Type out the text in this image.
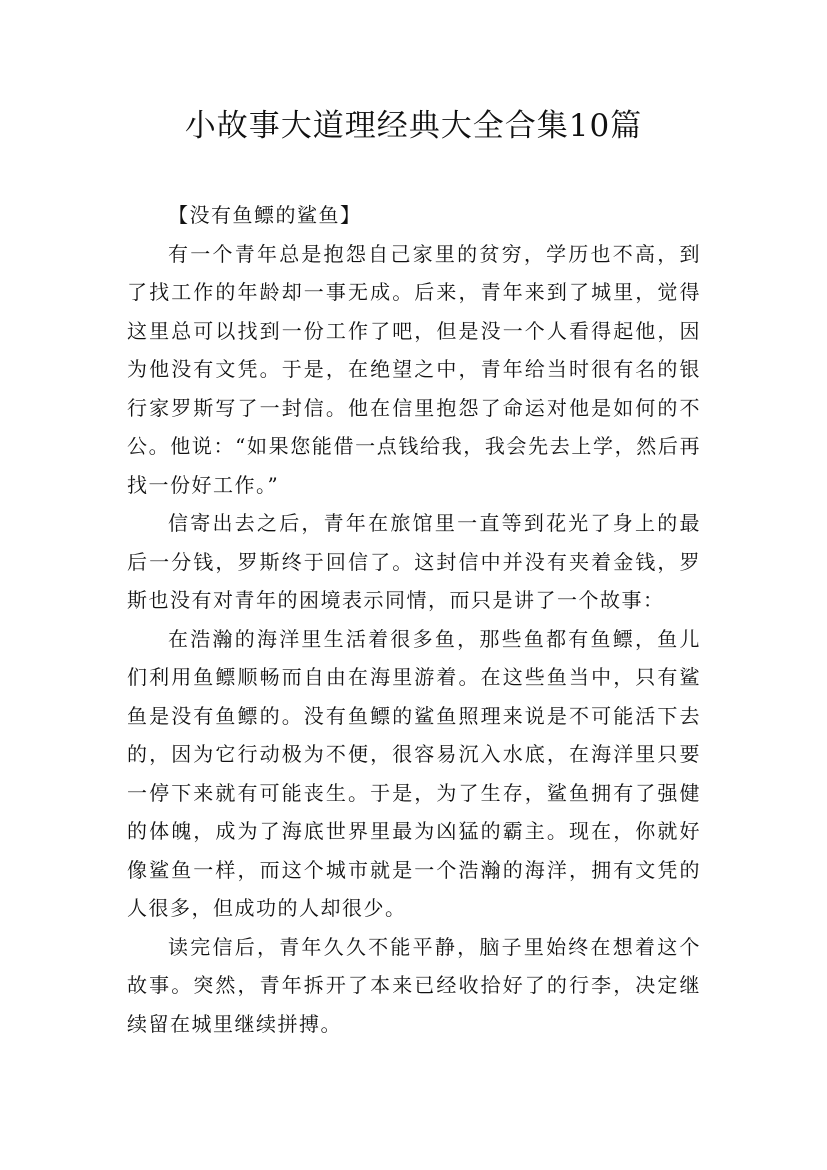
小故事大道理经典大全合集10篇
【没有鱼鳔的鲨鱼】

有一个青年总是抱怨自己家里的贫穷，学历也不高，到了找工作的年龄却一事无成。后来，青年来到了城里，觉得这里总可以找到一份工作了吧，但是没一个人看得起他，因为他没有文凭。于是，在绝望之中，青年给当时很有名的银行家罗斯写了一封信。他在信里抱怨了命运对他是如何的不公。他说：“如果您能借一点钱给我，我会先去上学，然后再找一份好工作。”

信寄出去之后，青年在旅馆里一直等到花光了身上的最后一分钱，罗斯终于回信了。这封信中并没有夹着金钱，罗斯也没有对青年的困境表示同情，而只是讲了一个故事：

在浩瀚的海洋里生活着很多鱼，那些鱼都有鱼鳔，鱼儿们利用鱼鳔顺畅而自由在海里游着。在这些鱼当中，只有鲨鱼是没有鱼鳔的。没有鱼鳔的鲨鱼照理来说是不可能活下去的，因为它行动极为不便，很容易沉入水底，在海洋里只要一停下来就有可能丧生。于是，为了生存，鲨鱼拥有了强健的体魄，成为了海底世界里最为凶猛的霸主。现在，你就好像鲨鱼一样，而这个城市就是一个浩瀚的海洋，拥有文凭的人很多，但成功的人却很少。

读完信后，青年久久不能平静，脑子里始终在想着这个故事。突然，青年拆开了本来已经收拾好了的行李，决定继续留在城里继续拼搏。
